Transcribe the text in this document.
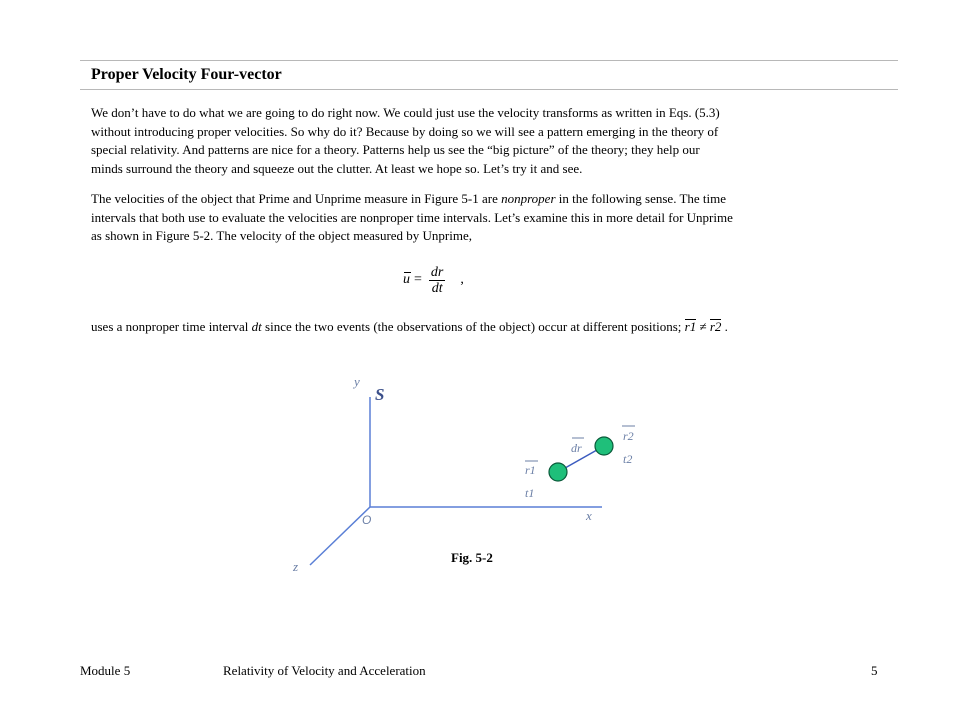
Proper Velocity Four-vector
We don’t have to do what we are going to do right now. We could just use the velocity transforms as written in Eqs. (5.3)
without introducing proper velocities. So why do it? Because by doing so we will see a pattern emerging in the theory of
special relativity. And patterns are nice for a theory. Patterns help us see the “big picture” of the theory; they help our
minds surround the theory and squeeze out the clutter. At least we hope so. Let’s try it and see.
The velocities of the object that Prime and Unprime measure in Figure 5-1 are nonproper in the following sense. The time
intervals that both use to evaluate the velocities are nonproper time intervals. Let’s examine this in more detail for Unprime
as shown in Figure 5-2. The velocity of the object measured by Unprime,
$u = \frac{dr}{dt}$ ,
uses a nonproper time interval dt since the two events (the observations of the object) occur at different positions; r1 ≠ r2 .
y
S
x
z
O
dr
r1
t1
r2
t2
Fig. 5-2
Module 5	Relativity of Velocity and Acceleration	5
